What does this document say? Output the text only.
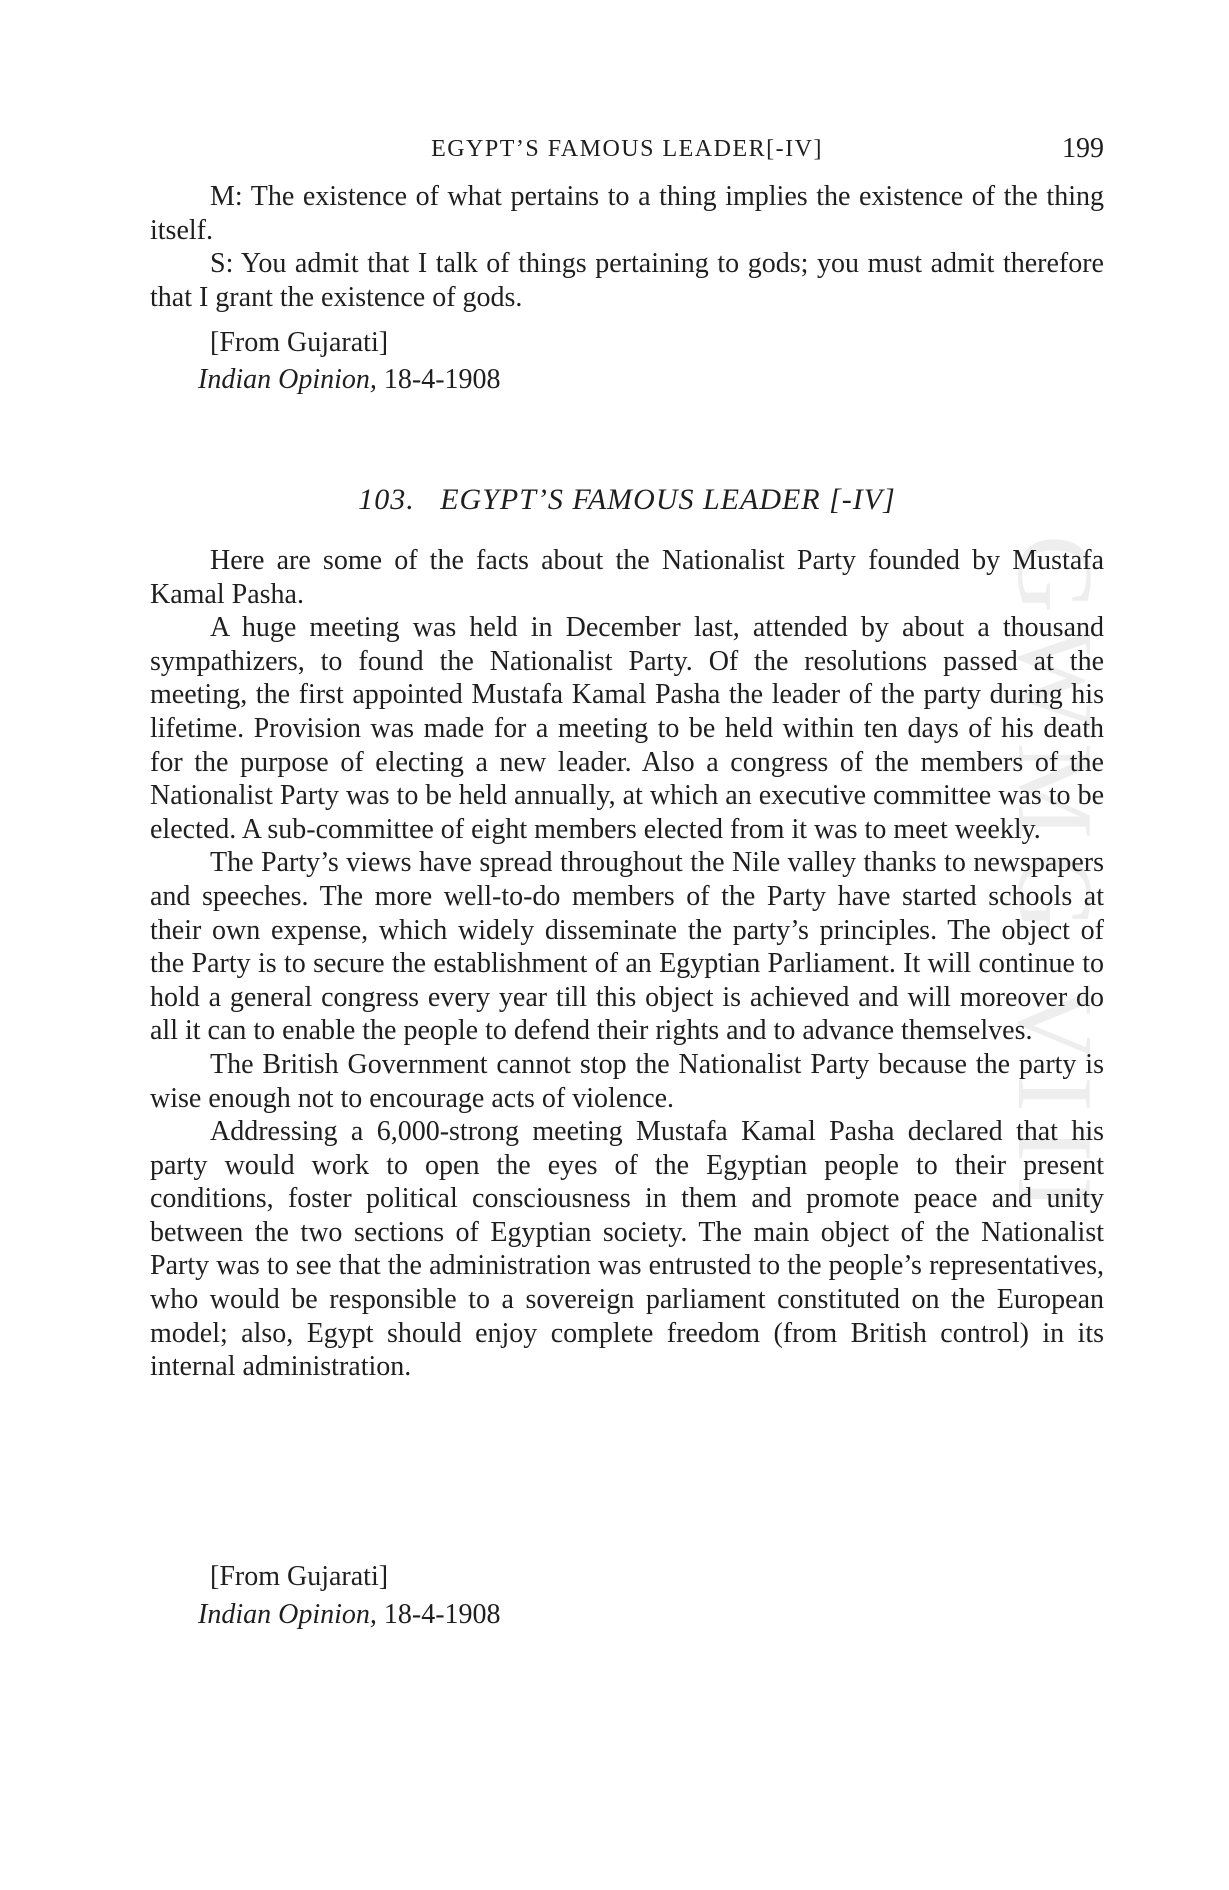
GWMG VIII
EGYPT’S FAMOUS LEADER[-IV]	199

M: The existence of what pertains to a thing implies the existence of the thing itself.

S: You admit that I talk of things pertaining to gods; you must admit therefore that I grant the existence of gods.

[From Gujarati]
Indian Opinion, 18-4-1908
103. EGYPT’S FAMOUS LEADER [-IV]

Here are some of the facts about the Nationalist Party founded by Mustafa Kamal Pasha.

A huge meeting was held in December last, attended by about a thousand sympathizers, to found the Nationalist Party. Of the resolutions passed at the meeting, the first appointed Mustafa Kamal Pasha the leader of the party during his lifetime. Provision was made for a meeting to be held within ten days of his death for the purpose of electing a new leader. Also a congress of the members of the Nationalist Party was to be held annually, at which an executive committee was to be elected. A sub-committee of eight members elected from it was to meet weekly.

The Party’s views have spread throughout the Nile valley thanks to newspapers and speeches. The more well-to-do members of the Party have started schools at their own expense, which widely disseminate the party’s principles. The object of the Party is to secure the establishment of an Egyptian Parliament. It will continue to hold a general congress every year till this object is achieved and will moreover do all it can to enable the people to defend their rights and to advance themselves.

The British Government cannot stop the Nationalist Party because the party is wise enough not to encourage acts of violence.

Addressing a 6,000-strong meeting Mustafa Kamal Pasha declared that his party would work to open the eyes of the Egyptian people to their present conditions, foster political consciousness in them and promote peace and unity between the two sections of Egyptian society. The main object of the Nationalist Party was to see that the administration was entrusted to the people’s representatives, who would be responsible to a sovereign parliament constituted on the European model; also, Egypt should enjoy complete freedom (from British control) in its internal administration.

[From Gujarati]
Indian Opinion, 18-4-1908
